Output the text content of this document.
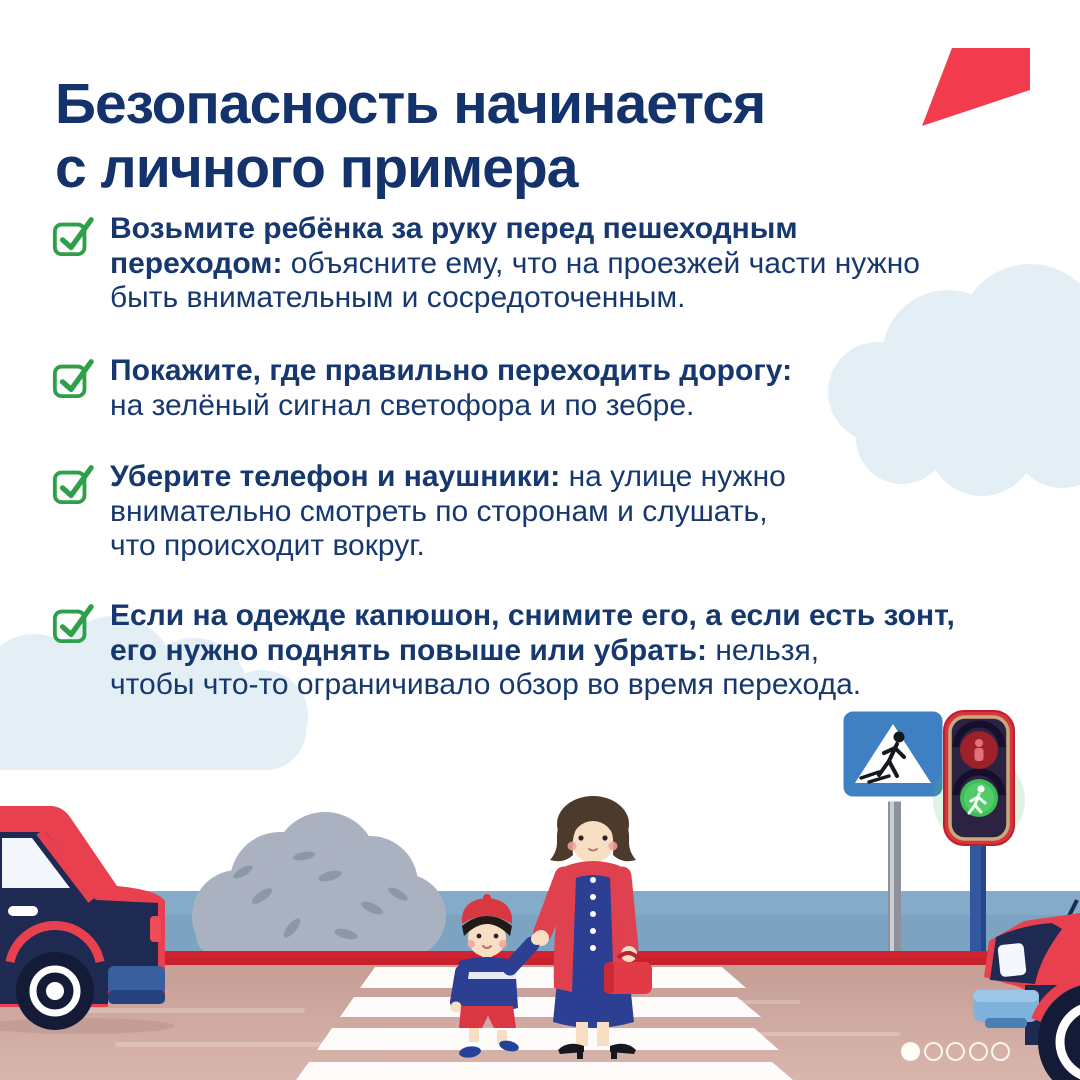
Безопасность начинается
с личного примера
Возьмите ребёнка за руку перед пешеходным
переходом: объясните ему, что на проезжей части нужно
быть внимательным и сосредоточенным.
Покажите, где правильно переходить дорогу:
на зелёный сигнал светофора и по зебре.
Уберите телефон и наушники: на улице нужно
внимательно смотреть по сторонам и слушать,
что происходит вокруг.
Если на одежде капюшон, снимите его, а если есть зонт,
его нужно поднять повыше или убрать: нельзя,
чтобы что-то ограничивало обзор во время перехода.
